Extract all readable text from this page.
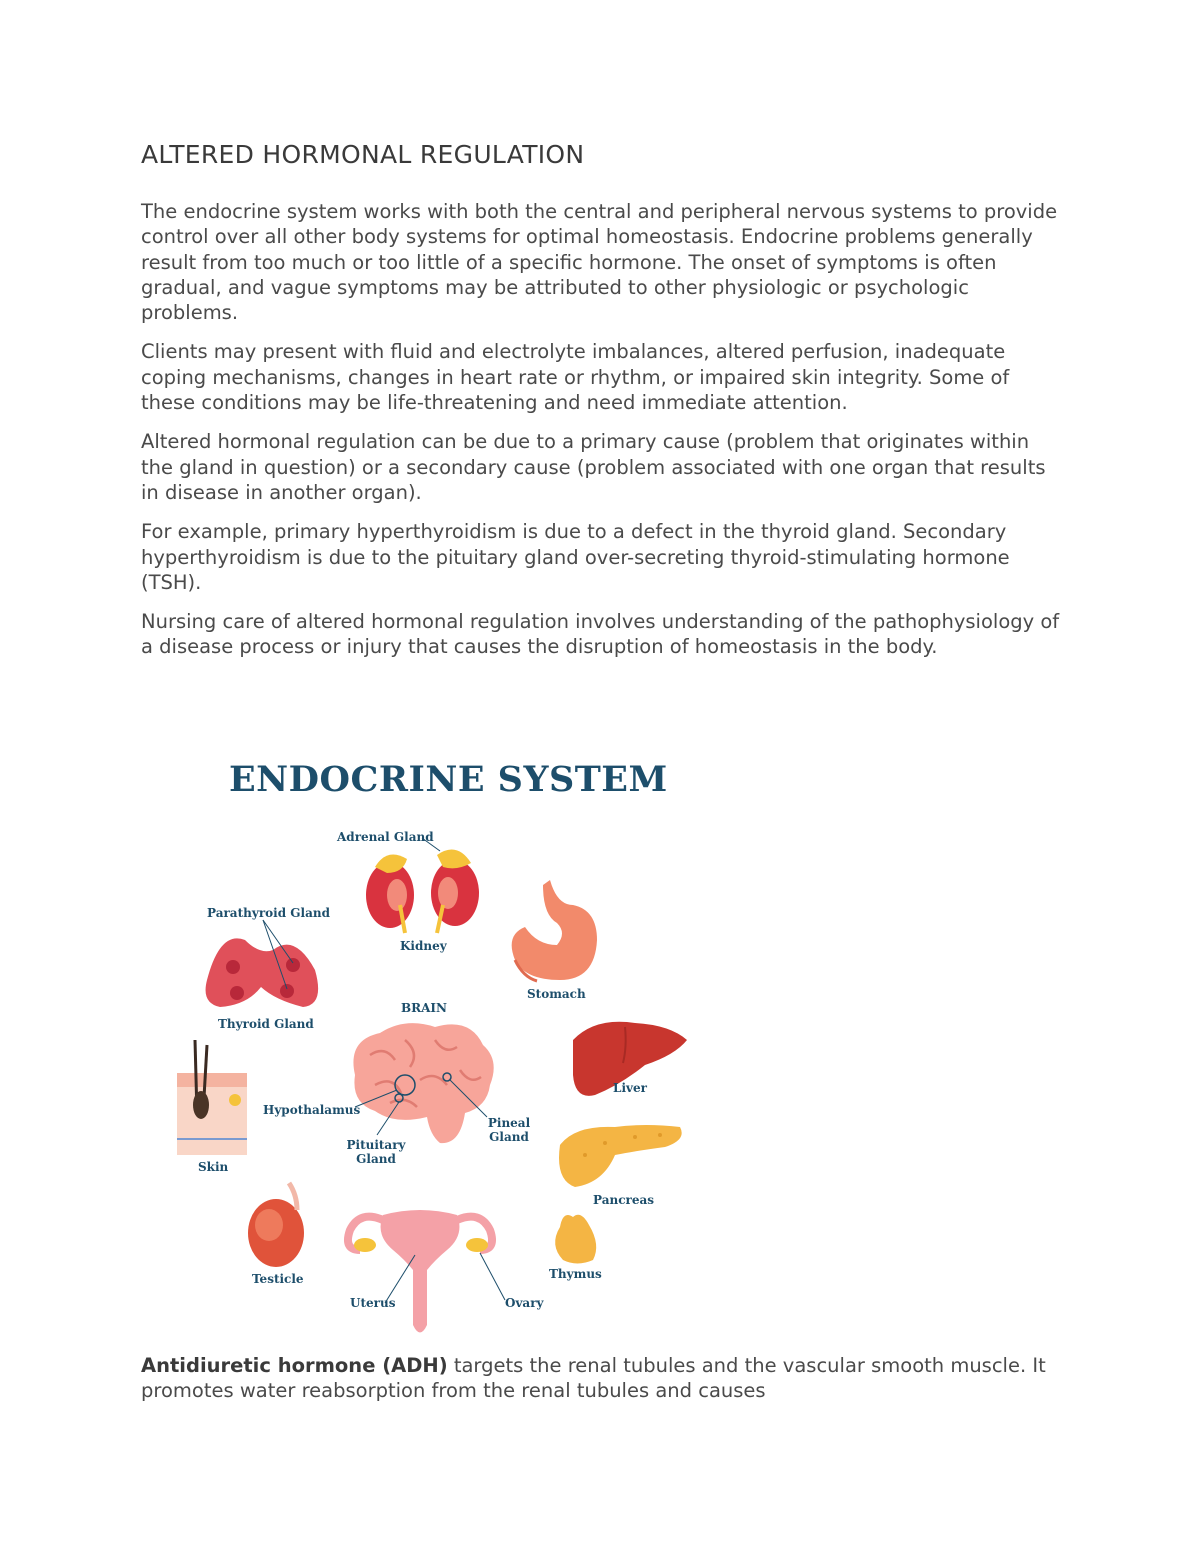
ALTERED HORMONAL REGULATION

The endocrine system works with both the central and peripheral nervous systems to provide control over all other body systems for optimal homeostasis. Endocrine problems generally result from too much or too little of a specific hormone. The onset of symptoms is often gradual, and vague symptoms may be attributed to other physiologic or psychologic problems.

Clients may present with fluid and electrolyte imbalances, altered perfusion, inadequate coping mechanisms, changes in heart rate or rhythm, or impaired skin integrity. Some of these conditions may be life-threatening and need immediate attention.

Altered hormonal regulation can be due to a primary cause (problem that originates within the gland in question) or a secondary cause (problem associated with one organ that results in disease in another organ).

For example, primary hyperthyroidism is due to a defect in the thyroid gland. Secondary hyperthyroidism is due to the pituitary gland over-secreting thyroid-stimulating hormone (TSH).

Nursing care of altered hormonal regulation involves understanding of the pathophysiology of a disease process or injury that causes the disruption of homeostasis in the body.

ENDOCRINE SYSTEM
Adrenal Gland
Kidney
Parathyroid Gland
Thyroid Gland
Stomach
BRAIN
Liver
Hypothalamus
Pineal
Gland
Pituitary
Gland
Skin
Pancreas
Testicle	Thymus
Uterus	Ovary

Antidiuretic hormone (ADH) targets the renal tubules and the vascular smooth muscle. It promotes water reabsorption from the renal tubules and causes
